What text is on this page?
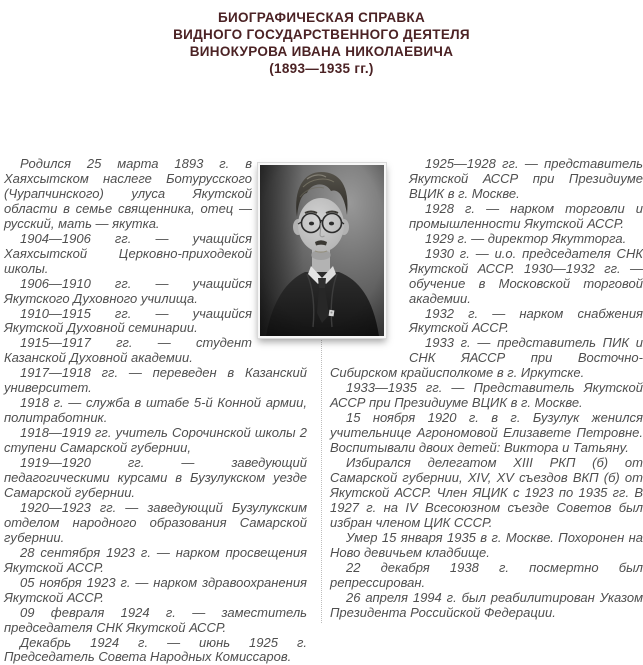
БИОГРАФИЧЕСКАЯ СПРАВКА
ВИДНОГО ГОСУДАРСТВЕННОГО ДЕЯТЕЛЯ
ВИНОКУРОВА ИВАНА НИКОЛАЕВИЧА
(1893—1935 гг.)

Родился 25 марта 1893 г. в Хаяхсытском наслеге Ботурусского (Чурапчинского) улуса Якутской области в семье священника, отец — русский, мать — якутка.

1904—1906 гг. — учащийся Хаяхсытской Церковно-приходекой школы.

1906—1910 гг. — учащийся Якутского Духовного училища.

1910—1915 гг. — учащийся Якутской Духовной семинарии.

1915—1917 гг. — студент Казанской Духовной академии.

1917—1918 гг. — переведен в Казанский университет.

1918 г. — служба в штабе 5-й Конной армии, политработник.

1918—1919 гг. учитель Сорочинской школы 2 ступени Самарской губернии,

1919—1920 гг. — заведующий педагогическими курсами в Бузулукском уезде Самарской губернии.

1920—1923 гг. — заведующий Бузулукским отделом народного образования Самарской губернии.

28 сентября 1923 г. — нарком просвещения Якутской АССР.

05 ноября 1923 г. — нарком здравоохранения Якутской АССР.

09 февраля 1924 г. — заместитель председателя СНК Якутской АССР.

Декабрь 1924 г. — июнь 1925 г. Председатель Совета Народных Комиссаров.

1925—1928 гг. — представитель Якутской АССР при Президиуме ВЦИК в г. Москве.

1928 г. — нарком торговли и промышленности Якутской АССР.

1929 г. — директор Якутторга.

1930 г. — и.о. председателя СНК Якутской АССР. 1930—1932 гг. — обучение в Московской торговой академии.

1932 г. — нарком снабжения Якутской АССР.

1933 г. — представитель ПИК и СНК ЯАССР при Восточно-Сибирском крайисполкоме в г. Иркутске.

1933—1935 гг. — Представитель Якутской АССР при Президиуме ВЦИК в г. Москве.

15 ноября 1920 г. в г. Бузулук женился учительнице Агрономовой Елизавете Петровне. Воспитывали двоих детей: Виктора и Татьяну.

Избирался делегатом XIII РКП (б) от Самарской губернии, XIV, XV съездов ВКП (б) от Якутской АССР. Член ЯЦИК с 1923 по 1935 гг. В 1927 г. на IV Всесоюзном съезде Советов был избран членом ЦИК СССР.

Умер 15 января 1935 в г. Москве. Похоронен на Ново девичьем кладбище.

22 декабря 1938 г. посмертно был репрессирован.

26 апреля 1994 г. был реабилитирован Указом Президента Российской Федерации.
